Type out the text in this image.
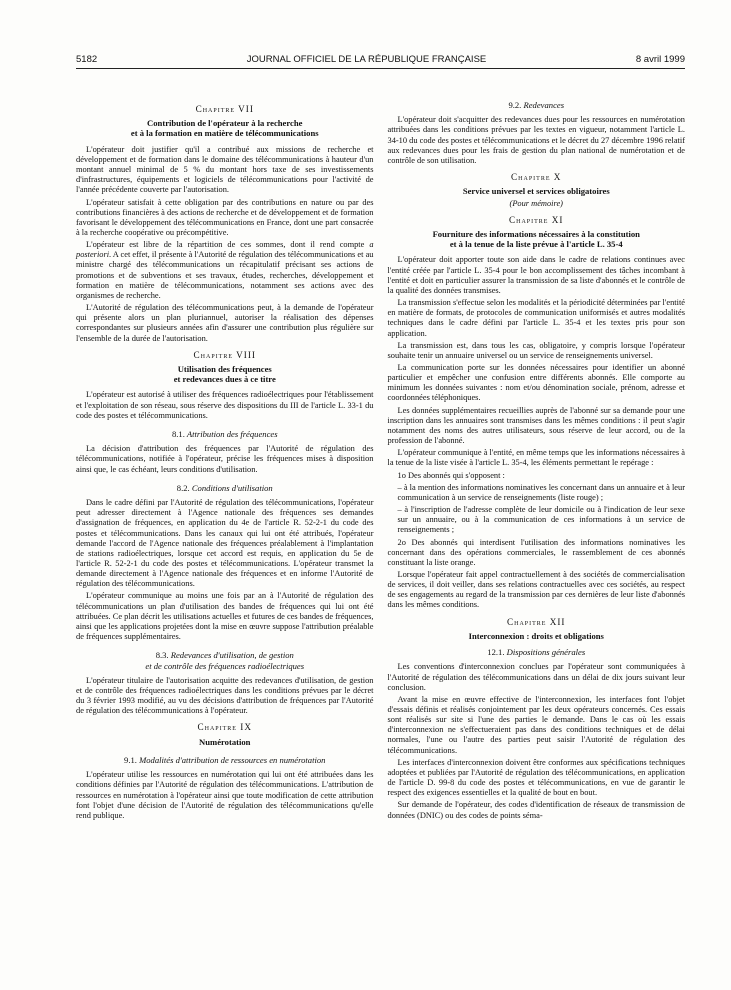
5182	JOURNAL OFFICIEL DE LA RÉPUBLIQUE FRANÇAISE	8 avril 1999
Chapitre VII
Contribution de l'opérateur à la recherche
et à la formation en matière de télécommunications

L'opérateur doit justifier qu'il a contribué aux missions de recherche et développement et de formation dans le domaine des télécommunications à hauteur d'un montant annuel minimal de 5 % du montant hors taxe de ses investissements d'infrastructures, équipements et logiciels de télécommunications pour l'activité de l'année précédente couverte par l'autorisation.

L'opérateur satisfait à cette obligation par des contributions en nature ou par des contributions financières à des actions de recherche et de développement et de formation favorisant le développement des télécommunications en France, dont une part consacrée à la recherche coopérative ou précompétitive.

L'opérateur est libre de la répartition de ces sommes, dont il rend compte a posteriori. A cet effet, il présente à l'Autorité de régulation des télécommunications et au ministre chargé des télécommunications un récapitulatif précisant ses actions de promotions et de subventions et ses travaux, études, recherches, développement et formation en matière de télécommunications, notamment ses actions avec des organismes de recherche.

L'Autorité de régulation des télécommunications peut, à la demande de l'opérateur qui présente alors un plan pluriannuel, autoriser la réalisation des dépenses correspondantes sur plusieurs années afin d'assurer une contribution plus régulière sur l'ensemble de la durée de l'autorisation.

Chapitre VIII
Utilisation des fréquences
et redevances dues à ce titre

L'opérateur est autorisé à utiliser des fréquences radioélectriques pour l'établissement et l'exploitation de son réseau, sous réserve des dispositions du III de l'article L. 33-1 du code des postes et télécommunications.

8.1. Attribution des fréquences

La décision d'attribution des fréquences par l'Autorité de régulation des télécommunications, notifiée à l'opérateur, précise les fréquences mises à disposition ainsi que, le cas échéant, leurs conditions d'utilisation.

8.2. Conditions d'utilisation

Dans le cadre défini par l'Autorité de régulation des télécommunications, l'opérateur peut adresser directement à l'Agence nationale des fréquences ses demandes d'assignation de fréquences, en application du 4e de l'article R. 52-2-1 du code des postes et télécommunications. Dans les canaux qui lui ont été attribués, l'opérateur demande l'accord de l'Agence nationale des fréquences préalablement à l'implantation de stations radioélectriques, lorsque cet accord est requis, en application du 5e de l'article R. 52-2-1 du code des postes et télécommunications. L'opérateur transmet la demande directement à l'Agence nationale des fréquences et en informe l'Autorité de régulation des télécommunications.

L'opérateur communique au moins une fois par an à l'Autorité de régulation des télécommunications un plan d'utilisation des bandes de fréquences qui lui ont été attribuées. Ce plan décrit les utilisations actuelles et futures de ces bandes de fréquences, ainsi que les applications projetées dont la mise en œuvre suppose l'attribution préalable de fréquences supplémentaires.

8.3. Redevances d'utilisation, de gestion
et de contrôle des fréquences radioélectriques

L'opérateur titulaire de l'autorisation acquitte des redevances d'utilisation, de gestion et de contrôle des fréquences radioélectriques dans les conditions prévues par le décret du 3 février 1993 modifié, au vu des décisions d'attribution de fréquences par l'Autorité de régulation des télécommunications à l'opérateur.

Chapitre IX
Numérotation
9.1. Modalités d'attribution de ressources en numérotation

L'opérateur utilise les ressources en numérotation qui lui ont été attribuées dans les conditions définies par l'Autorité de régulation des télécommunications. L'attribution de ressources en numérotation à l'opérateur ainsi que toute modification de cette attribution font l'objet d'une décision de l'Autorité de régulation des télécommunications qu'elle rend publique.

9.2. Redevances

L'opérateur doit s'acquitter des redevances dues pour les ressources en numérotation attribuées dans les conditions prévues par les textes en vigueur, notamment l'article L. 34-10 du code des postes et télécommunications et le décret du 27 décembre 1996 relatif aux redevances dues pour les frais de gestion du plan national de numérotation et de contrôle de son utilisation.

Chapitre X
Service universel et services obligatoires
(Pour mémoire)
Chapitre XI
Fourniture des informations nécessaires à la constitution
et à la tenue de la liste prévue à l'article L. 35-4

L'opérateur doit apporter toute son aide dans le cadre de relations continues avec l'entité créée par l'article L. 35-4 pour le bon accomplissement des tâches incombant à l'entité et doit en particulier assurer la transmission de sa liste d'abonnés et le contrôle de la qualité des données transmises.

La transmission s'effectue selon les modalités et la périodicité déterminées par l'entité en matière de formats, de protocoles de communication uniformisés et autres modalités techniques dans le cadre défini par l'article L. 35-4 et les textes pris pour son application.

La transmission est, dans tous les cas, obligatoire, y compris lorsque l'opérateur souhaite tenir un annuaire universel ou un service de renseignements universel.

La communication porte sur les données nécessaires pour identifier un abonné particulier et empêcher une confusion entre différents abonnés. Elle comporte au minimum les données suivantes : nom et/ou dénomination sociale, prénom, adresse et coordonnées téléphoniques.

Les données supplémentaires recueillies auprès de l'abonné sur sa demande pour une inscription dans les annuaires sont transmises dans les mêmes conditions : il peut s'agir notamment des noms des autres utilisateurs, sous réserve de leur accord, ou de la profession de l'abonné.

L'opérateur communique à l'entité, en même temps que les informations nécessaires à la tenue de la liste visée à l'article L. 35-4, les éléments permettant le repérage :

1o Des abonnés qui s'opposent :

– à la mention des informations nominatives les concernant dans un annuaire et à leur communication à un service de renseignements (liste rouge) ;

– à l'inscription de l'adresse complète de leur domicile ou à l'indication de leur sexe sur un annuaire, ou à la communication de ces informations à un service de renseignements ;

2o Des abonnés qui interdisent l'utilisation des informations nominatives les concernant dans des opérations commerciales, le rassemblement de ces abonnés constituant la liste orange.

Lorsque l'opérateur fait appel contractuellement à des sociétés de commercialisation de services, il doit veiller, dans ses relations contractuelles avec ces sociétés, au respect de ses engagements au regard de la transmission par ces dernières de leur liste d'abonnés dans les mêmes conditions.

Chapitre XII
Interconnexion : droits et obligations
12.1. Dispositions générales

Les conventions d'interconnexion conclues par l'opérateur sont communiquées à l'Autorité de régulation des télécommunications dans un délai de dix jours suivant leur conclusion.

Avant la mise en œuvre effective de l'interconnexion, les interfaces font l'objet d'essais définis et réalisés conjointement par les deux opérateurs concernés. Ces essais sont réalisés sur site si l'une des parties le demande. Dans le cas où les essais d'interconnexion ne s'effectueraient pas dans des conditions techniques et de délai normales, l'une ou l'autre des parties peut saisir l'Autorité de régulation des télécommunications.

Les interfaces d'interconnexion doivent être conformes aux spécifications techniques adoptées et publiées par l'Autorité de régulation des télécommunications, en application de l'article D. 99-8 du code des postes et télécommunications, en vue de garantir le respect des exigences essentielles et la qualité de bout en bout.

Sur demande de l'opérateur, des codes d'identification de réseaux de transmission de données (DNIC) ou des codes de points séma-
